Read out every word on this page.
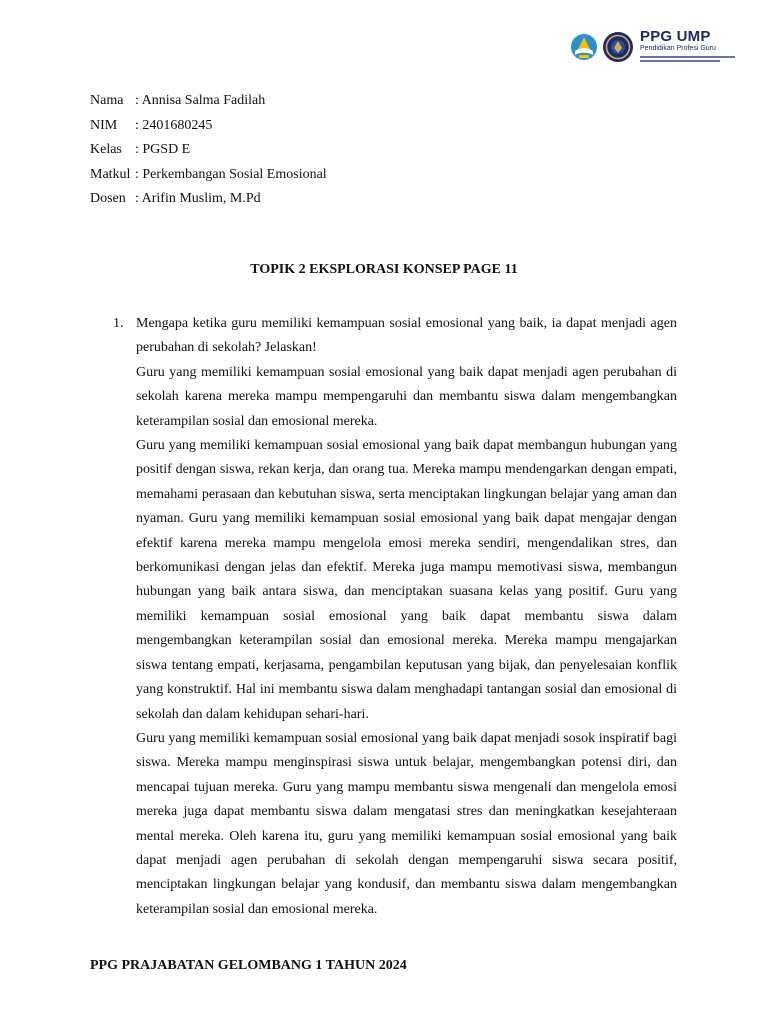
PPG UMP
Pendidikan Profesi Guru
Nama : Annisa Salma Fadilah
NIM	: 2401680245
Kelas : PGSD E
Matkul : Perkembangan Sosial Emosional
Dosen : Arifin Muslim, M.Pd
TOPIK 2 EKSPLORASI KONSEP PAGE 11
1. Mengapa ketika guru memiliki kemampuan sosial emosional yang baik, ia dapat menjadi agen perubahan di sekolah? Jelaskan!

Guru yang memiliki kemampuan sosial emosional yang baik dapat menjadi agen perubahan di sekolah karena mereka mampu mempengaruhi dan membantu siswa dalam mengembangkan keterampilan sosial dan emosional mereka.

Guru yang memiliki kemampuan sosial emosional yang baik dapat membangun hubungan yang positif dengan siswa, rekan kerja, dan orang tua. Mereka mampu mendengarkan dengan empati, memahami perasaan dan kebutuhan siswa, serta menciptakan lingkungan belajar yang aman dan nyaman. Guru yang memiliki kemampuan sosial emosional yang baik dapat mengajar dengan efektif karena mereka mampu mengelola emosi mereka sendiri, mengendalikan stres, dan berkomunikasi dengan jelas dan efektif. Mereka juga mampu memotivasi siswa, membangun hubungan yang baik antara siswa, dan menciptakan suasana kelas yang positif. Guru yang memiliki kemampuan sosial emosional yang baik dapat membantu siswa dalam mengembangkan keterampilan sosial dan emosional mereka. Mereka mampu mengajarkan siswa tentang empati, kerjasama, pengambilan keputusan yang bijak, dan penyelesaian konflik yang konstruktif. Hal ini membantu siswa dalam menghadapi tantangan sosial dan emosional di sekolah dan dalam kehidupan sehari-hari.

Guru yang memiliki kemampuan sosial emosional yang baik dapat menjadi sosok inspiratif bagi siswa. Mereka mampu menginspirasi siswa untuk belajar, mengembangkan potensi diri, dan mencapai tujuan mereka. Guru yang mampu membantu siswa mengenali dan mengelola emosi mereka juga dapat membantu siswa dalam mengatasi stres dan meningkatkan kesejahteraan mental mereka. Oleh karena itu, guru yang memiliki kemampuan sosial emosional yang baik dapat menjadi agen perubahan di sekolah dengan mempengaruhi siswa secara positif, menciptakan lingkungan belajar yang kondusif, dan membantu siswa dalam mengembangkan keterampilan sosial dan emosional mereka.

PPG PRAJABATAN GELOMBANG 1 TAHUN 2024
